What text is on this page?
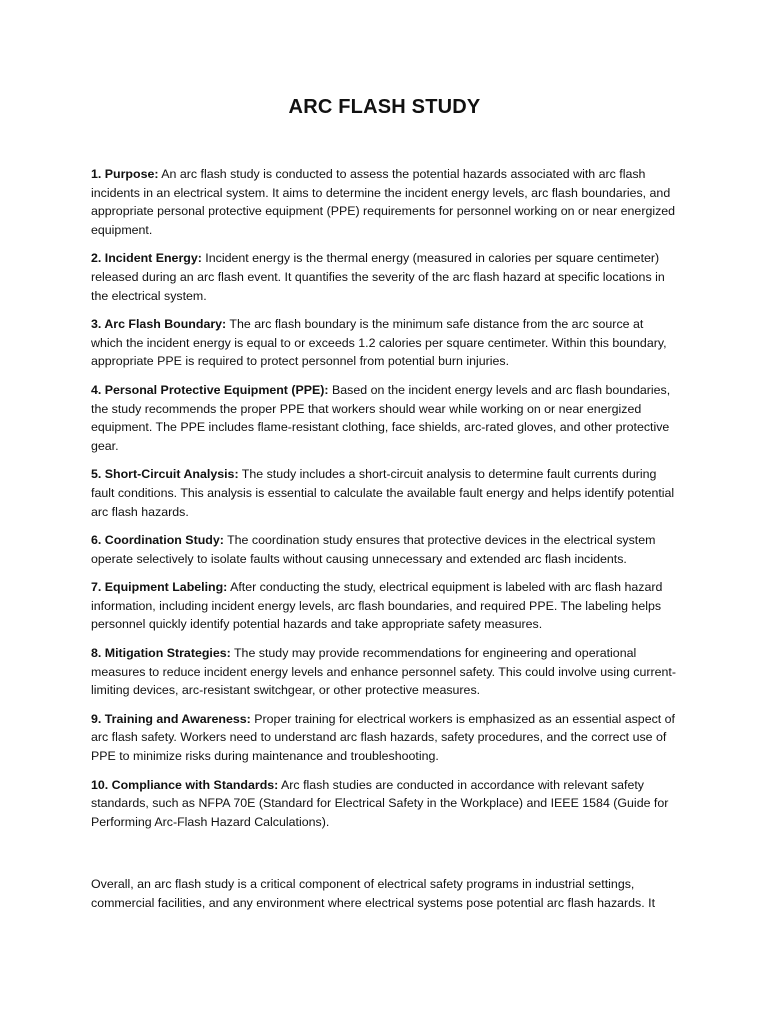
ARC FLASH STUDY

1. Purpose: An arc flash study is conducted to assess the potential hazards associated with arc flash incidents in an electrical system. It aims to determine the incident energy levels, arc flash boundaries, and appropriate personal protective equipment (PPE) requirements for personnel working on or near energized equipment.

2. Incident Energy: Incident energy is the thermal energy (measured in calories per square centimeter) released during an arc flash event. It quantifies the severity of the arc flash hazard at specific locations in the electrical system.

3. Arc Flash Boundary: The arc flash boundary is the minimum safe distance from the arc source at which the incident energy is equal to or exceeds 1.2 calories per square centimeter. Within this boundary, appropriate PPE is required to protect personnel from potential burn injuries.

4. Personal Protective Equipment (PPE): Based on the incident energy levels and arc flash boundaries, the study recommends the proper PPE that workers should wear while working on or near energized equipment. The PPE includes flame-resistant clothing, face shields, arc-rated gloves, and other protective gear.

5. Short-Circuit Analysis: The study includes a short-circuit analysis to determine fault currents during fault conditions. This analysis is essential to calculate the available fault energy and helps identify potential arc flash hazards.

6. Coordination Study: The coordination study ensures that protective devices in the electrical system operate selectively to isolate faults without causing unnecessary and extended arc flash incidents.

7. Equipment Labeling: After conducting the study, electrical equipment is labeled with arc flash hazard information, including incident energy levels, arc flash boundaries, and required PPE. The labeling helps personnel quickly identify potential hazards and take appropriate safety measures.

8. Mitigation Strategies: The study may provide recommendations for engineering and operational measures to reduce incident energy levels and enhance personnel safety. This could involve using current-limiting devices, arc-resistant switchgear, or other protective measures.

9. Training and Awareness: Proper training for electrical workers is emphasized as an essential aspect of arc flash safety. Workers need to understand arc flash hazards, safety procedures, and the correct use of PPE to minimize risks during maintenance and troubleshooting.

10. Compliance with Standards: Arc flash studies are conducted in accordance with relevant safety standards, such as NFPA 70E (Standard for Electrical Safety in the Workplace) and IEEE 1584 (Guide for Performing Arc-Flash Hazard Calculations).

Overall, an arc flash study is a critical component of electrical safety programs in industrial settings, commercial facilities, and any environment where electrical systems pose potential arc flash hazards. It
